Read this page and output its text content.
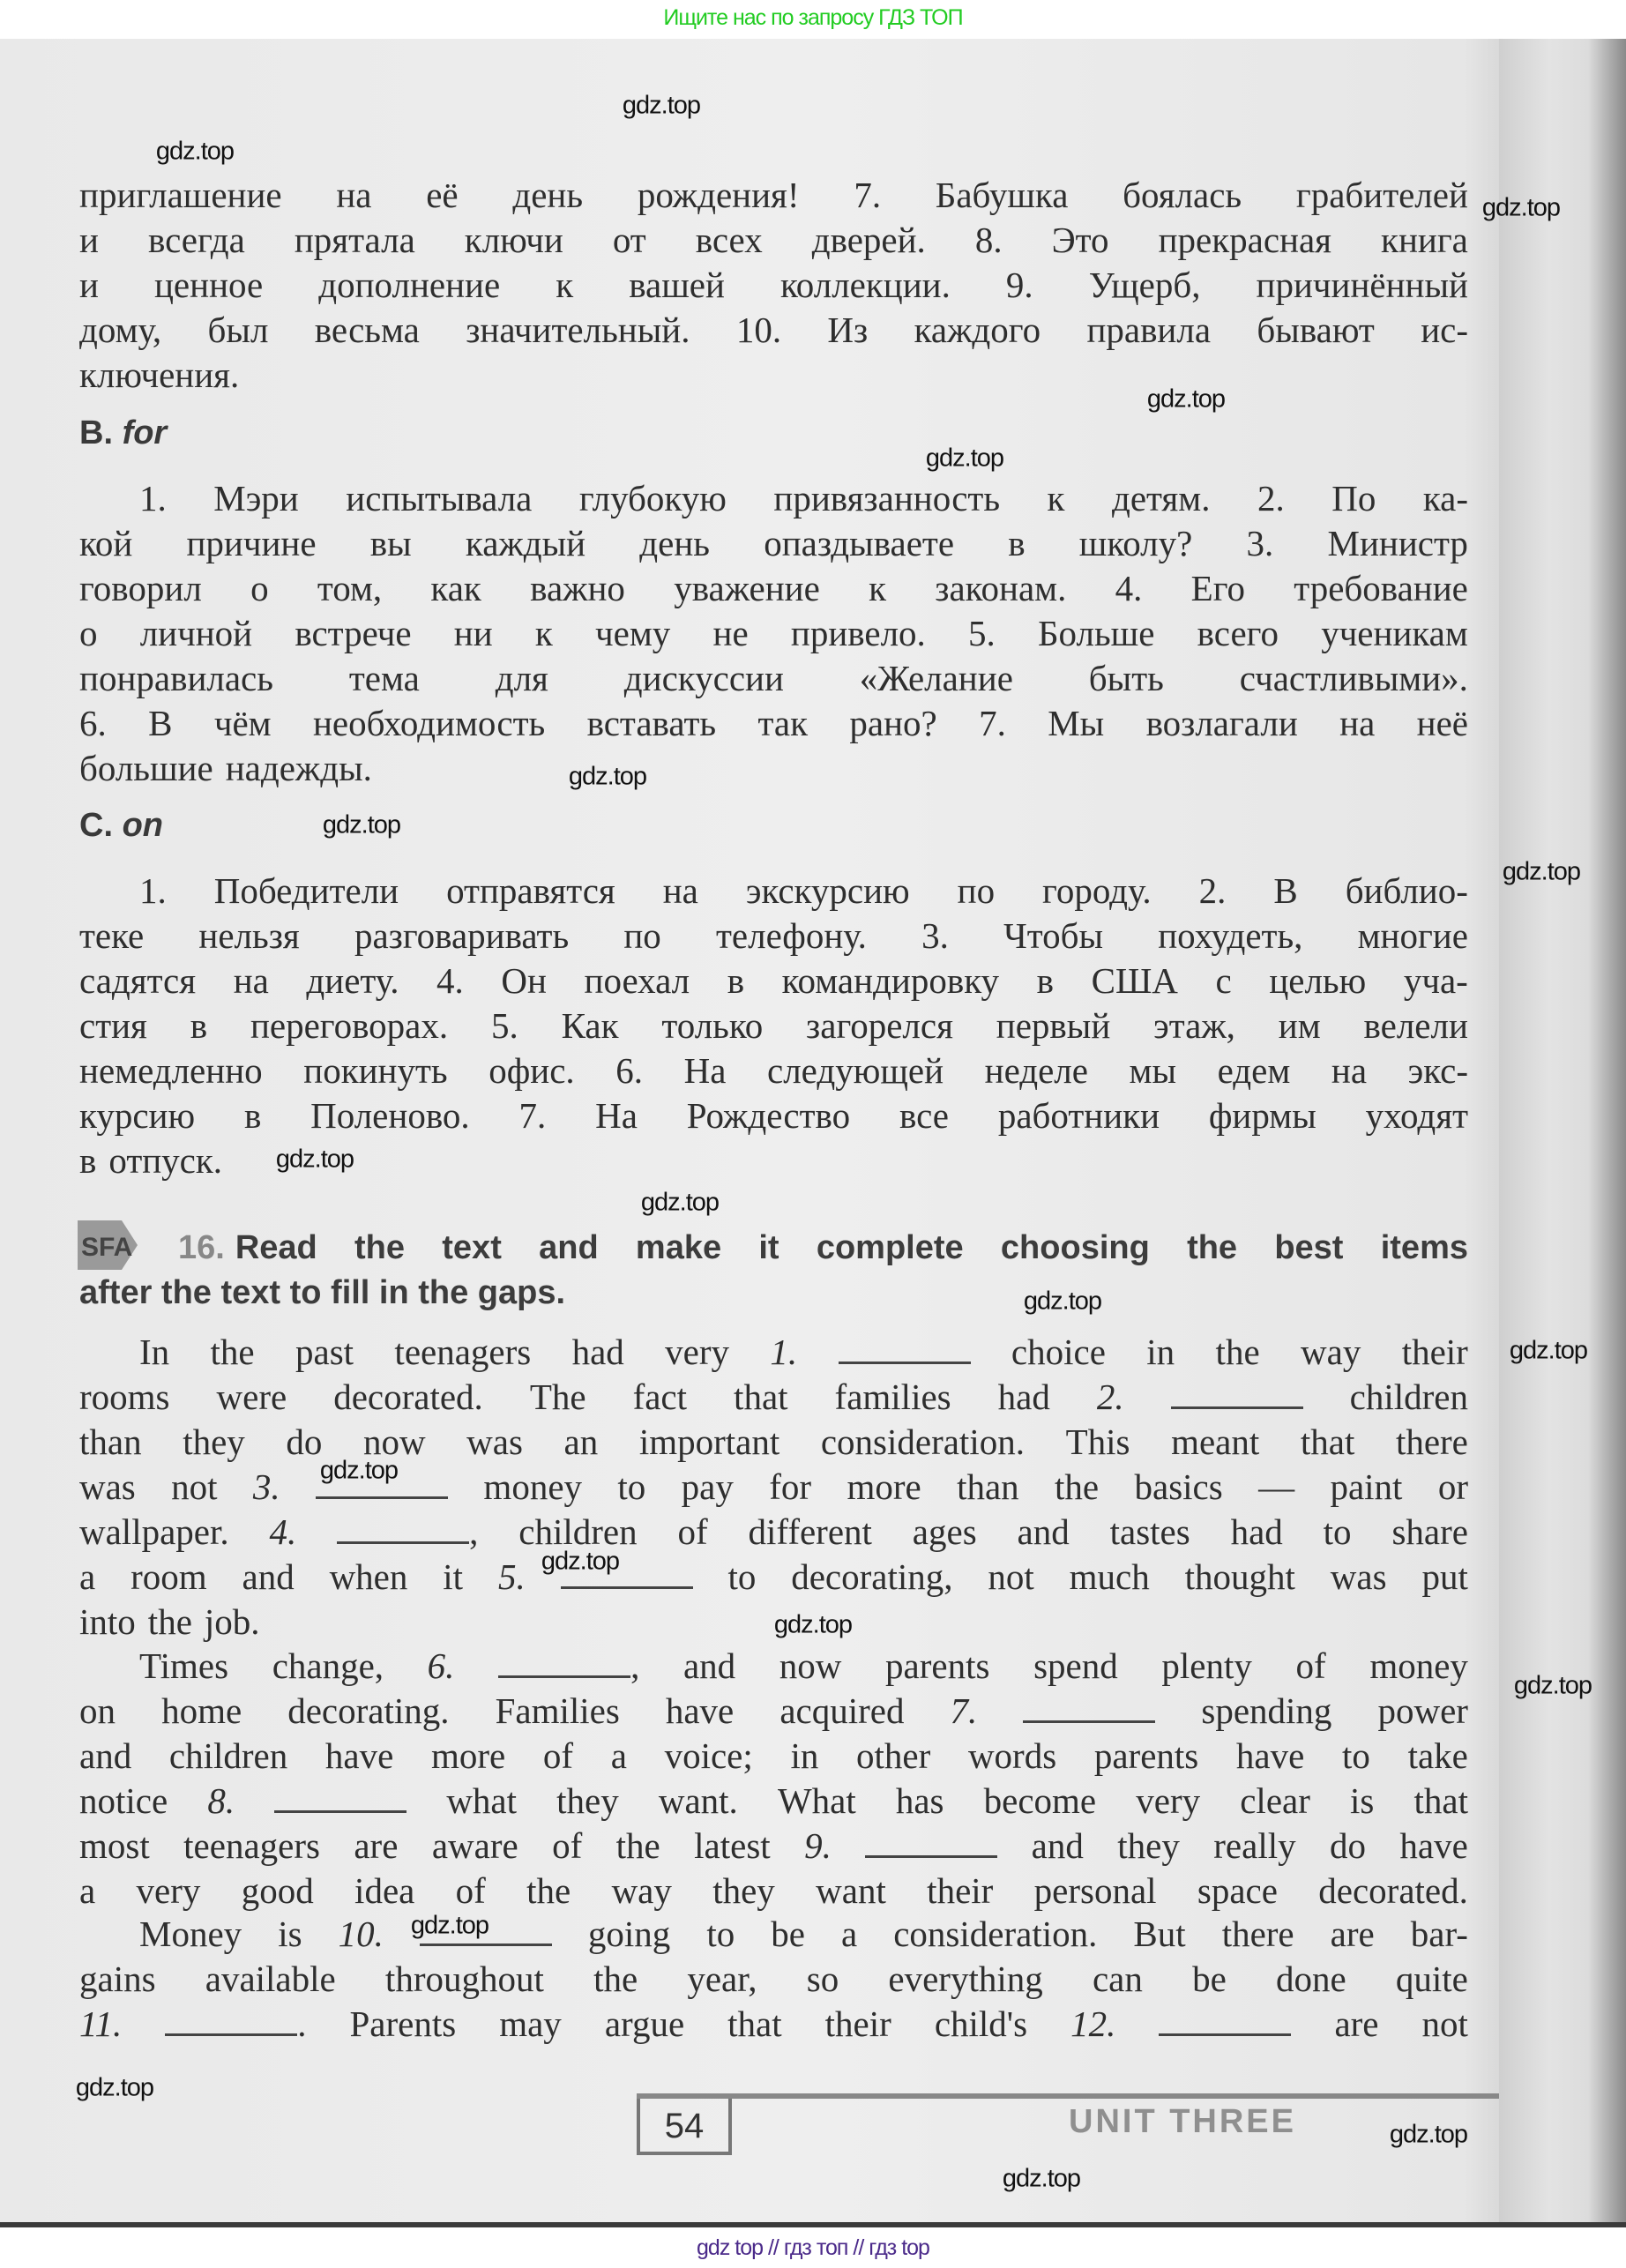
Ищите нас по запросу ГДЗ ТОП
приглашение на её день рождения! 7. Бабушка боялась грабителей
и всегда прятала ключи от всех дверей. 8. Это прекрасная книга
и ценное дополнение к вашей коллекции. 9. Ущерб, причинённый
дому, был весьма значительный. 10. Из каждого правила бывают ис-
ключения.
B. for
1. Мэри испытывала глубокую привязанность к детям. 2. По ка-
кой причине вы каждый день опаздываете в школу? 3. Министр
говорил о том, как важно уважение к законам. 4. Его требование
о личной встрече ни к чему не привело. 5. Больше всего ученикам
понравилась тема для дискуссии «Желание быть счастливыми».
6. В чём необходимость вставать так рано? 7. Мы возлагали на неё
большие надежды.
C. on
1. Победители отправятся на экскурсию по городу. 2. В библио-
теке нельзя разговаривать по телефону. 3. Чтобы похудеть, многие
садятся на диету. 4. Он поехал в командировку в США с целью уча-
стия в переговорах. 5. Как только загорелся первый этаж, им велели
немедленно покинуть офис. 6. На следующей неделе мы едем на экс-
курсию в Поленово. 7. На Рождество все работники фирмы уходят
в отпуск.
SFA 16. Read the text and make it complete choosing the best items
after the text to fill in the gaps.
In the past teenagers had very 1.	choice in the way their
rooms were decorated. The fact that families had 2.	children
than they do now was an important consideration. This meant that there
was not 3.	money to pay for more than the basics — paint or
wallpaper. 4.	, children of different ages and tastes had to share
a room and when it 5.	to decorating, not much thought was put
into the job.
Times change, 6.	, and now parents spend plenty of money
on home decorating. Families have acquired 7.	spending power
and children have more of a voice; in other words parents have to take
notice 8.	what they want. What has become very clear is that
most teenagers are aware of the latest 9.	and they really do have
a very good idea of the way they want their personal space decorated.
Money is 10.	going to be a consideration. But there are bar-
gains available throughout the year, so everything can be done quite
11.	. Parents may argue that their child's 12.	are not
54	UNIT THREE
gdz.top
gdz.top
gdz.top
gdz.top
gdz.top
gdz.top
gdz.top
gdz.top
gdz.top
gdz.top
gdz.top
gdz.top
gdz.top
gdz.top
gdz.top
gdz.top
gdz.top
gdz.top
gdz.top
gdz.top
gdz top // гдз топ // гдз top
